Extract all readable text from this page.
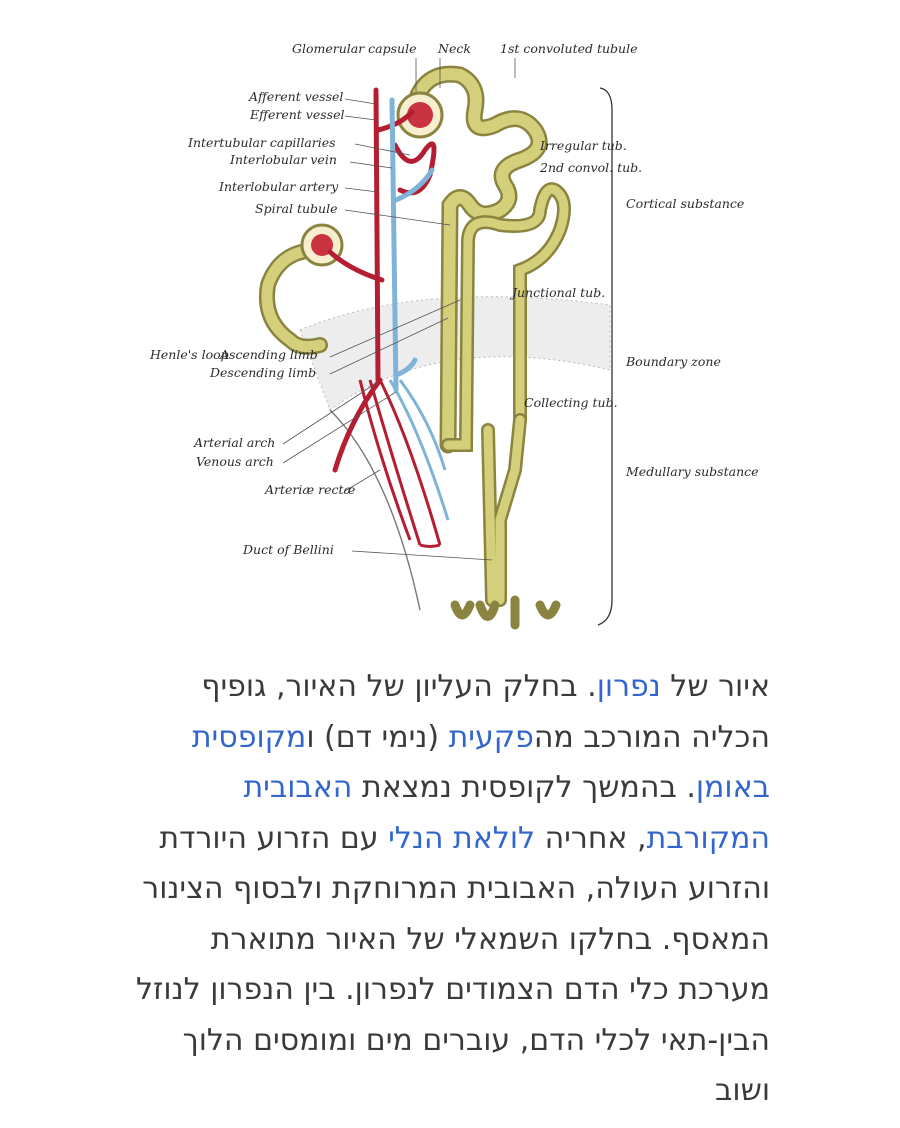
Glomerular capsule Neck 1st convoluted tubule
Afferent vessel
Efferent vessel
Intertubular capillaries
Interlobular vein
Interlobular artery
Spiral tubule
Henle's loop
Ascending limb
Descending limb
Arterial arch
Venous arch
Arteriæ rectæ
Duct of Bellini
Irregular tub.
2nd convol. tub.
Junctional tub.
Collecting tub.
Cortical substance
Boundary zone
Medullary substance
איור של נפרון. בחלק העליון של האיור, גופיף הכליה המורכב מהפקעית (נימי דם) ומקופסית באומן. בהמשך לקופסית נמצאת האבובית המקורבת, אחריה לולאת הנלי עם הזרוע היורדת והזרוע העולה, האבובית המרוחקת ולבסוף הצינור המאסף. בחלקו השמאלי של האיור מתוארת מערכת כלי הדם הצמודים לנפרון. בין הנפרון לנוזל הבין-תאי לכלי הדם, עוברים מים ומומסים הלוך ושוב
